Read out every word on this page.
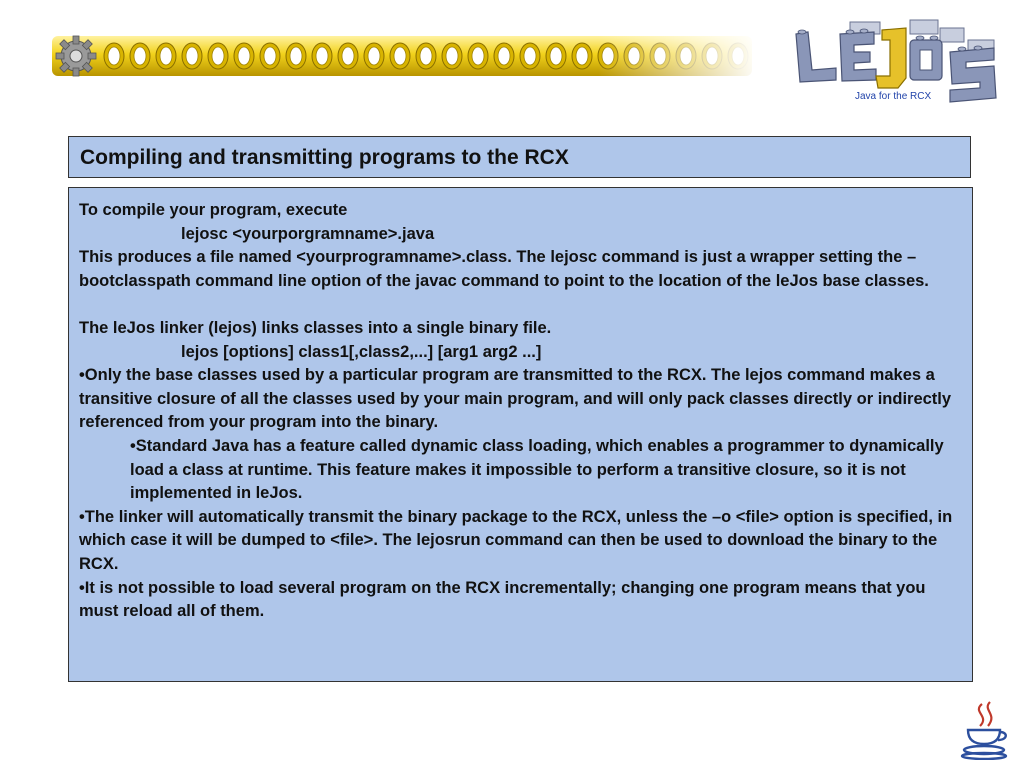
Java for the RCX
Compiling and transmitting programs to the RCX
To compile your program, execute
lejosc <yourporgramname>.java
This produces a file named <yourprogramname>.class. The lejosc command is just a wrapper setting the –bootclasspath command line option of the javac command to point to the location of the leJos base classes.
The leJos linker (lejos) links classes into a single binary file.
lejos [options] class1[,class2,...] [arg1 arg2 ...]
•Only the base classes used by a particular program are transmitted to the RCX. The lejos command makes a transitive closure of all the classes used by your main program, and will only pack classes directly or indirectly referenced from your program into the binary.
•Standard Java has a feature called dynamic class loading, which enables a programmer to dynamically load a class at runtime. This feature makes it impossible to perform a transitive closure, so it is not implemented in leJos.
•The linker will automatically transmit the binary package to the RCX, unless the –o <file> option is specified, in which case it will be dumped to <file>. The lejosrun command can then be used to download the binary to the RCX.
•It is not possible to load several program on the RCX incrementally; changing one program means that you must reload all of them.
